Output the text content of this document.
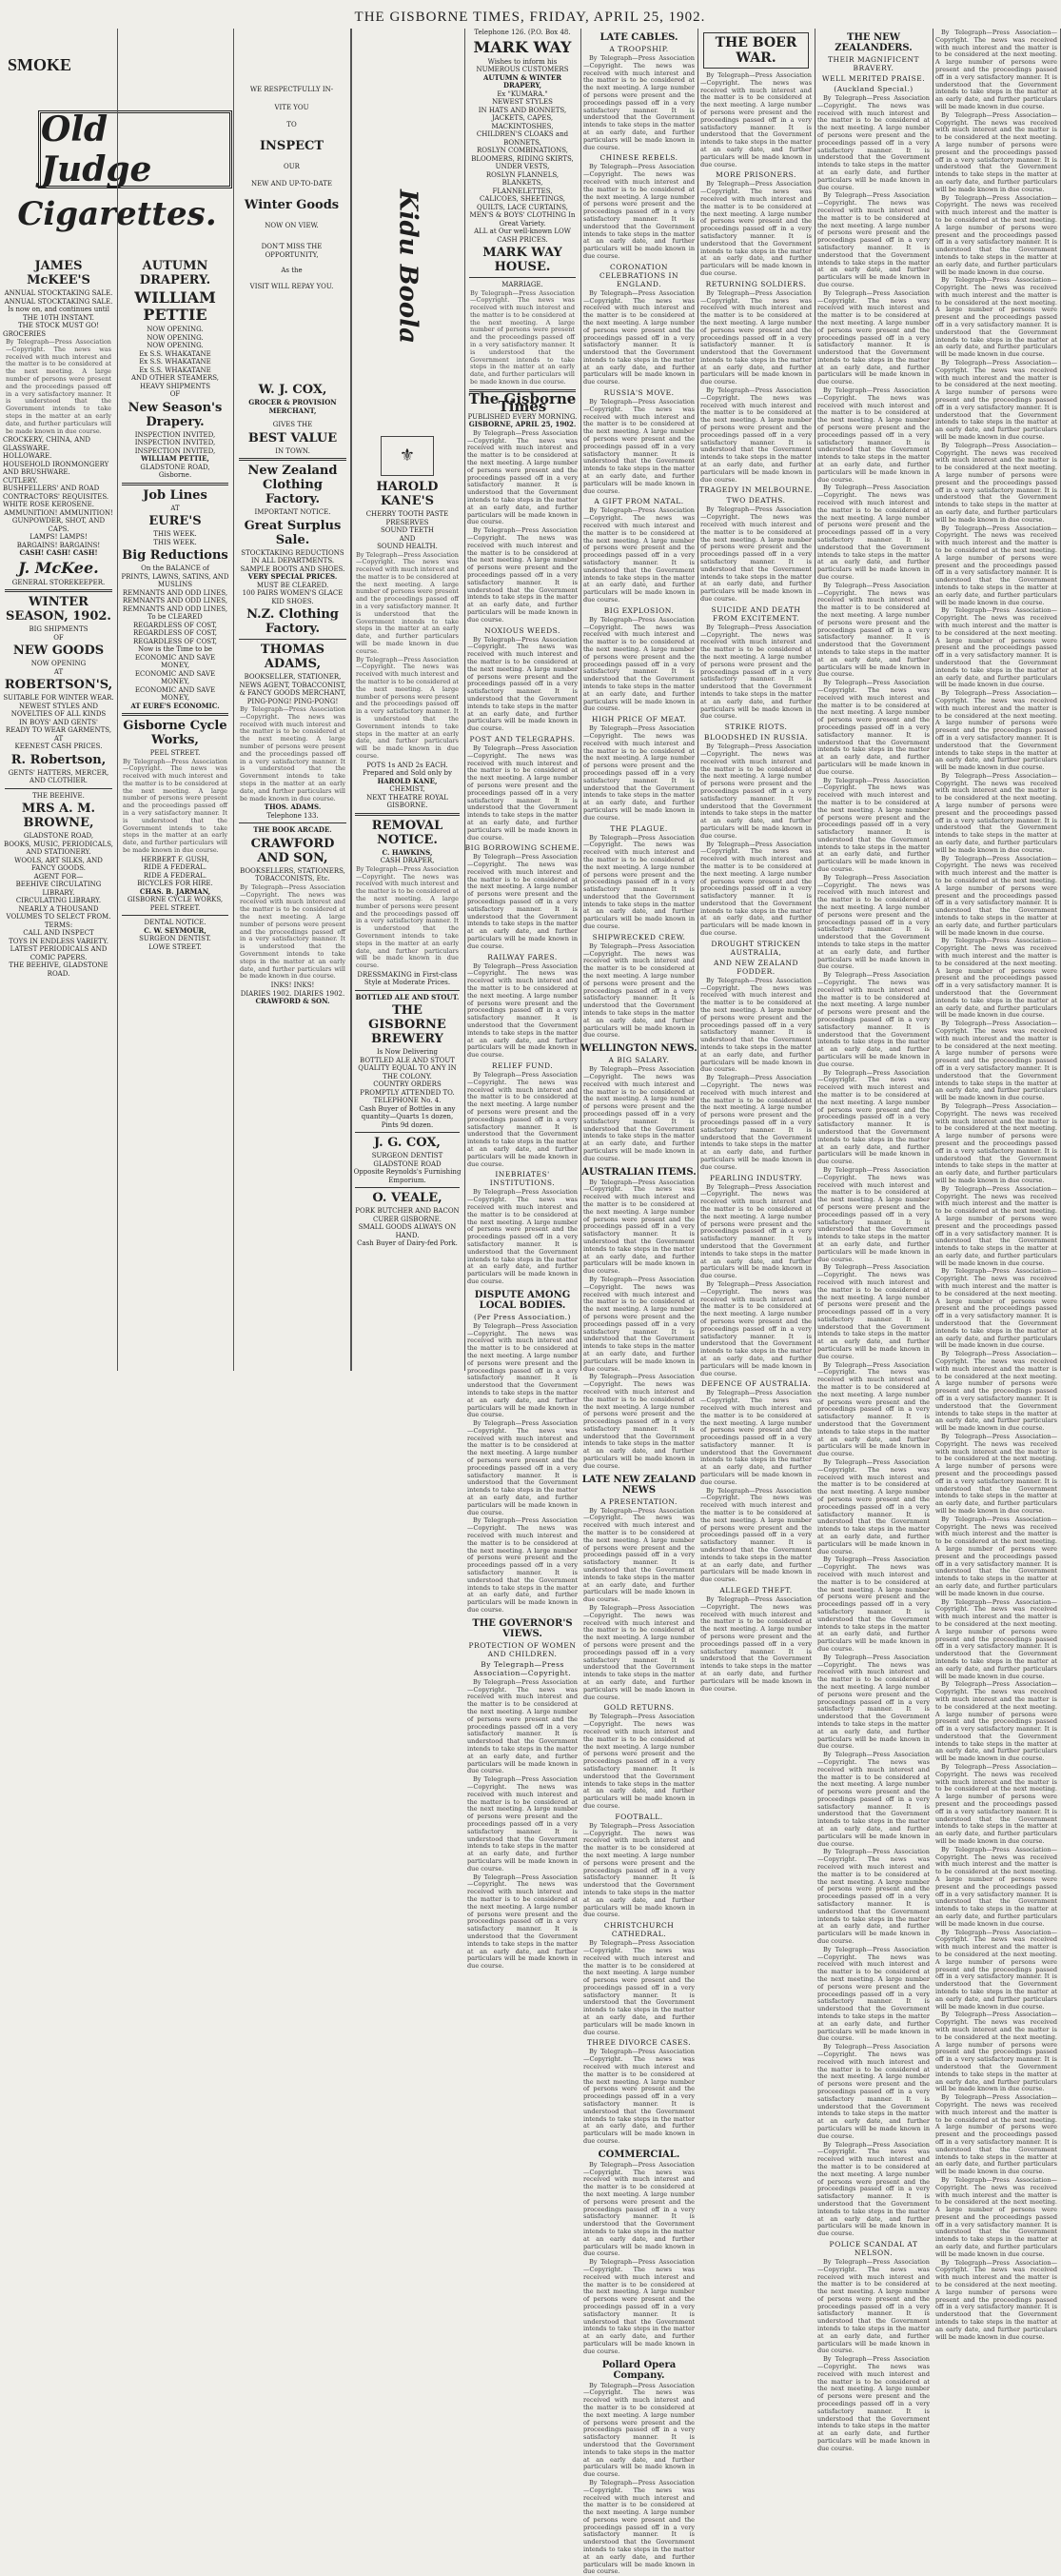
THE GISBORNE TIMES, FRIDAY, APRIL 25, 1902.
SMOKE
Old Judge
Cigarettes.
JAMES McKEE'S
ANNUAL STOCKTAKING SALE.
ANNUAL STOCKTAKING SALE.
Is now on, and continues until
THE 10TH INSTANT.
THE STOCK MUST GO!
GROCERIES
By Telegraph—Press Association—Copyright. The news was received with much interest and the matter is to be considered at the next meeting. A large number of persons were present and the proceedings passed off in a very satisfactory manner. It is understood that the Government intends to take steps in the matter at an early date, and further particulars will be made known in due course.
CROCKERY, CHINA, AND GLASSWARE.
HOLLOWARE.
HOUSEHOLD IRONMONGERY AND BRUSHWARE.
CUTLERY.
BUSHFELLERS' AND ROAD CONTRACTORS' REQUISITES.
WHITE ROSE KEROSENE.
AMMUNITION! AMMUNITION!
GUNPOWDER, SHOT, AND CAPS.
LAMPS! LAMPS!
BARGAINS! BARGAINS!
CASH! CASH! CASH!
J. McKee.
GENERAL STOREKEEPER.
WINTER SEASON, 1902.
BIG SHIPMENTS
OF
NEW GOODS
NOW OPENING
AT
ROBERTSON'S,
SUITABLE FOR WINTER WEAR.
NEWEST STYLES AND NOVELTIES OF ALL KINDS
IN BOYS' AND GENTS'
READY TO WEAR GARMENTS, AT
KEENEST CASH PRICES.
R. Robertson,
GENTS' HATTERS, MERCER, AND CLOTHIER.
THE BEEHIVE.
MRS A. M. BROWNE,
GLADSTONE ROAD,
BOOKS, MUSIC, PERIODICALS, AND STATIONERY.
WOOLS, ART SILKS, AND FANCY GOODS.
AGENT FOR—
BEEHIVE CIRCULATING LIBRARY.
CIRCULATING LIBRARY.
NEARLY A THOUSAND VOLUMES TO SELECT FROM.
TERMS:
CALL AND INSPECT
TOYS IN ENDLESS VARIETY.
LATEST PERIODICALS AND COMIC PAPERS.
THE BEEHIVE, GLADSTONE ROAD.
AUTUMN DRAPERY.
WILLIAM PETTIE
NOW OPENING.
NOW OPENING.
NOW OPENING.
Ex S.S. WHAKATANE
Ex S.S. WHAKATANE
Ex S.S. WHAKATANE
AND OTHER STEAMERS,
HEAVY SHIPMENTS
OF
New Season's Drapery.
INSPECTION INVITED,
INSPECTION INVITED,
INSPECTION INVITED,
WILLIAM PETTIE,
GLADSTONE ROAD,
Gisborne.
Job Lines
AT
EURE'S
THIS WEEK.
THIS WEEK.
Big Reductions
On the BALANCE of
PRINTS, LAWNS, SATINS, AND MUSLINS
REMNANTS AND ODD LINES,
REMNANTS AND ODD LINES,
REMNANTS AND ODD LINES,
To be CLEARED
REGARDLESS OF COST,
REGARDLESS OF COST,
REGARDLESS OF COST,
Now is the Time to be
ECONOMIC AND SAVE MONEY,
ECONOMIC AND SAVE MONEY,
ECONOMIC AND SAVE MONEY,
AT EURE'S ECONOMIC.
Gisborne Cycle Works,
PEEL STREET.
By Telegraph—Press Association—Copyright. The news was received with much interest and the matter is to be considered at the next meeting. A large number of persons were present and the proceedings passed off in a very satisfactory manner. It is understood that the Government intends to take steps in the matter at an early date, and further particulars will be made known in due course.
HERBERT F. GUSH,
RIDE A FEDERAL.
RIDE A FEDERAL.
BICYCLES FOR HIRE.
CHAS. B. JARMAN,
GISBORNE CYCLE WORKS, PEEL STREET.
DENTAL NOTICE.
C. W. SEYMOUR,
SURGEON DENTIST.
LOWE STREET.
WE RESPECTFULLY IN-
VITE YOU
TO
INSPECT
OUR
NEW AND UP-TO-DATE
Winter Goods
NOW ON VIEW.
DON'T MISS THE OPPORTUNITY,
As the
VISIT WILL REPAY YOU.
W. J. COX,
GROCER & PROVISION MERCHANT,
GIVES THE
BEST VALUE
IN TOWN.
New Zealand Clothing Factory.
IMPORTANT NOTICE.
Great Surplus Sale.
STOCKTAKING REDUCTIONS IN ALL DEPARTMENTS.
SAMPLE BOOTS AND SHOES.
VERY SPECIAL PRICES.
MUST BE CLEARED.
100 PAIRS WOMEN'S GLACE KID SHOES.
N.Z. Clothing Factory.
THOMAS ADAMS,
BOOKSELLER, STATIONER, NEWS AGENT, TOBACCONIST, & FANCY GOODS MERCHANT,
PING-PONG! PING-PONG!
By Telegraph—Press Association—Copyright. The news was received with much interest and the matter is to be considered at the next meeting. A large number of persons were present and the proceedings passed off in a very satisfactory manner. It is understood that the Government intends to take steps in the matter at an early date, and further particulars will be made known in due course.
THOS. ADAMS.
Telephone 133.
THE BOOK ARCADE.
CRAWFORD AND SON,
BOOKSELLERS, STATIONERS, TOBACCONISTS, Etc.
By Telegraph—Press Association—Copyright. The news was received with much interest and the matter is to be considered at the next meeting. A large number of persons were present and the proceedings passed off in a very satisfactory manner. It is understood that the Government intends to take steps in the matter at an early date, and further particulars will be made known in due course.
INKS! INKS!
DIARIES 1902. DIARIES 1902.
CRAWFORD & SON.
Kidu Boola
⚜
HAROLD KANE'S
CHERRY TOOTH PASTE
PRESERVES
SOUND TEETH
AND
SOUND HEALTH.
By Telegraph—Press Association—Copyright. The news was received with much interest and the matter is to be considered at the next meeting. A large number of persons were present and the proceedings passed off in a very satisfactory manner. It is understood that the Government intends to take steps in the matter at an early date, and further particulars will be made known in due course.
By Telegraph—Press Association—Copyright. The news was received with much interest and the matter is to be considered at the next meeting. A large number of persons were present and the proceedings passed off in a very satisfactory manner. It is understood that the Government intends to take steps in the matter at an early date, and further particulars will be made known in due course.
POTS 1s AND 2s EACH.
Prepared and Sold only by
HAROLD KANE,
CHEMIST,
NEXT THEATRE ROYAL GISBORNE.
REMOVAL NOTICE.
C. HAWKINS,
CASH DRAPER,
By Telegraph—Press Association—Copyright. The news was received with much interest and the matter is to be considered at the next meeting. A large number of persons were present and the proceedings passed off in a very satisfactory manner. It is understood that the Government intends to take steps in the matter at an early date, and further particulars will be made known in due course.
DRESSMAKING in First-class Style at Moderate Prices.
BOTTLED ALE AND STOUT.
THE GISBORNE BREWERY
Is Now Delivering
BOTTLED ALE AND STOUT
QUALITY EQUAL TO ANY IN THE COLONY.
COUNTRY ORDERS PROMPTLY ATTENDED TO.
TELEPHONE No. 4.
Cash Buyer of Bottles in any quantity—Quarts 1s dozen, Pints 9d dozen.
J. G. COX,
SURGEON DENTIST
GLADSTONE ROAD
Opposite Reynolds's Furnishing Emporium.
O. VEALE,
PORK BUTCHER AND BACON CURER GISBORNE.
SMALL GOODS ALWAYS ON HAND.
Cash Buyer of Dairy-fed Pork.
Telephone 126. (P.O. Box 48.
MARK WAY
Wishes to inform his NUMEROUS CUSTOMERS
AUTUMN & WINTER DRAPERY,
Ex "KUMARA."
NEWEST STYLES
IN HATS AND BONNETS,
JACKETS, CAPES,
MACKINTOSHES,
CHILDREN'S CLOAKS and BONNETS,
ROSLYN COMBINATIONS,
BLOOMERS, RIDING SKIRTS, UNDER VESTS,
ROSLYN FLANNELS, BLANKETS,
FLANNELETTES,
CALICOES, SHEETINGS, QUILTS, LACE CURTAINS,
MEN'S & BOYS' CLOTHING In Great Variety.
ALL at Our well-known LOW CASH PRICES.
MARK WAY HOUSE.
MARRIAGE.
By Telegraph—Press Association—Copyright. The news was received with much interest and the matter is to be considered at the next meeting. A large number of persons were present and the proceedings passed off in a very satisfactory manner. It is understood that the Government intends to take steps in the matter at an early date, and further particulars will be made known in due course.
The Gisborne Times
PUBLISHED EVERY MORNING.
GISBORNE, APRIL 25, 1902.

By Telegraph—Press Association—Copyright. The news was received with much interest and the matter is to be considered at the next meeting. A large number of persons were present and the proceedings passed off in a very satisfactory manner. It is understood that the Government intends to take steps in the matter at an early date, and further particulars will be made known in due course.

By Telegraph—Press Association—Copyright. The news was received with much interest and the matter is to be considered at the next meeting. A large number of persons were present and the proceedings passed off in a very satisfactory manner. It is understood that the Government intends to take steps in the matter at an early date, and further particulars will be made known in due course.

NOXIOUS WEEDS.

By Telegraph—Press Association—Copyright. The news was received with much interest and the matter is to be considered at the next meeting. A large number of persons were present and the proceedings passed off in a very satisfactory manner. It is understood that the Government intends to take steps in the matter at an early date, and further particulars will be made known in due course.

POST AND TELEGRAPHS.

By Telegraph—Press Association—Copyright. The news was received with much interest and the matter is to be considered at the next meeting. A large number of persons were present and the proceedings passed off in a very satisfactory manner. It is understood that the Government intends to take steps in the matter at an early date, and further particulars will be made known in due course.

BIG BORROWING SCHEME.

By Telegraph—Press Association—Copyright. The news was received with much interest and the matter is to be considered at the next meeting. A large number of persons were present and the proceedings passed off in a very satisfactory manner. It is understood that the Government intends to take steps in the matter at an early date, and further particulars will be made known in due course.

RAILWAY FARES.

By Telegraph—Press Association—Copyright. The news was received with much interest and the matter is to be considered at the next meeting. A large number of persons were present and the proceedings passed off in a very satisfactory manner. It is understood that the Government intends to take steps in the matter at an early date, and further particulars will be made known in due course.

RELIEF FUND.

By Telegraph—Press Association—Copyright. The news was received with much interest and the matter is to be considered at the next meeting. A large number of persons were present and the proceedings passed off in a very satisfactory manner. It is understood that the Government intends to take steps in the matter at an early date, and further particulars will be made known in due course.

INEBRIATES' INSTITUTIONS.

By Telegraph—Press Association—Copyright. The news was received with much interest and the matter is to be considered at the next meeting. A large number of persons were present and the proceedings passed off in a very satisfactory manner. It is understood that the Government intends to take steps in the matter at an early date, and further particulars will be made known in due course.

DISPUTE AMONG LOCAL BODIES.
(Per Press Association.)

By Telegraph—Press Association—Copyright. The news was received with much interest and the matter is to be considered at the next meeting. A large number of persons were present and the proceedings passed off in a very satisfactory manner. It is understood that the Government intends to take steps in the matter at an early date, and further particulars will be made known in due course.

By Telegraph—Press Association—Copyright. The news was received with much interest and the matter is to be considered at the next meeting. A large number of persons were present and the proceedings passed off in a very satisfactory manner. It is understood that the Government intends to take steps in the matter at an early date, and further particulars will be made known in due course.

By Telegraph—Press Association—Copyright. The news was received with much interest and the matter is to be considered at the next meeting. A large number of persons were present and the proceedings passed off in a very satisfactory manner. It is understood that the Government intends to take steps in the matter at an early date, and further particulars will be made known in due course.

THE GOVERNOR'S VIEWS.
PROTECTION OF WOMEN AND CHILDREN.
By Telegraph—Press Association—Copyright.

By Telegraph—Press Association—Copyright. The news was received with much interest and the matter is to be considered at the next meeting. A large number of persons were present and the proceedings passed off in a very satisfactory manner. It is understood that the Government intends to take steps in the matter at an early date, and further particulars will be made known in due course.

By Telegraph—Press Association—Copyright. The news was received with much interest and the matter is to be considered at the next meeting. A large number of persons were present and the proceedings passed off in a very satisfactory manner. It is understood that the Government intends to take steps in the matter at an early date, and further particulars will be made known in due course.

By Telegraph—Press Association—Copyright. The news was received with much interest and the matter is to be considered at the next meeting. A large number of persons were present and the proceedings passed off in a very satisfactory manner. It is understood that the Government intends to take steps in the matter at an early date, and further particulars will be made known in due course.

LATE CABLES.
A TROOPSHIP.

By Telegraph—Press Association—Copyright. The news was received with much interest and the matter is to be considered at the next meeting. A large number of persons were present and the proceedings passed off in a very satisfactory manner. It is understood that the Government intends to take steps in the matter at an early date, and further particulars will be made known in due course.

CHINESE REBELS.

By Telegraph—Press Association—Copyright. The news was received with much interest and the matter is to be considered at the next meeting. A large number of persons were present and the proceedings passed off in a very satisfactory manner. It is understood that the Government intends to take steps in the matter at an early date, and further particulars will be made known in due course.

CORONATION CELEBRATIONS IN ENGLAND.

By Telegraph—Press Association—Copyright. The news was received with much interest and the matter is to be considered at the next meeting. A large number of persons were present and the proceedings passed off in a very satisfactory manner. It is understood that the Government intends to take steps in the matter at an early date, and further particulars will be made known in due course.

RUSSIA'S MOVE.

By Telegraph—Press Association—Copyright. The news was received with much interest and the matter is to be considered at the next meeting. A large number of persons were present and the proceedings passed off in a very satisfactory manner. It is understood that the Government intends to take steps in the matter at an early date, and further particulars will be made known in due course.

A GIFT FROM NATAL.

By Telegraph—Press Association—Copyright. The news was received with much interest and the matter is to be considered at the next meeting. A large number of persons were present and the proceedings passed off in a very satisfactory manner. It is understood that the Government intends to take steps in the matter at an early date, and further particulars will be made known in due course.

BIG EXPLOSION.

By Telegraph—Press Association—Copyright. The news was received with much interest and the matter is to be considered at the next meeting. A large number of persons were present and the proceedings passed off in a very satisfactory manner. It is understood that the Government intends to take steps in the matter at an early date, and further particulars will be made known in due course.

HIGH PRICE OF MEAT.

By Telegraph—Press Association—Copyright. The news was received with much interest and the matter is to be considered at the next meeting. A large number of persons were present and the proceedings passed off in a very satisfactory manner. It is understood that the Government intends to take steps in the matter at an early date, and further particulars will be made known in due course.

THE PLAGUE.

By Telegraph—Press Association—Copyright. The news was received with much interest and the matter is to be considered at the next meeting. A large number of persons were present and the proceedings passed off in a very satisfactory manner. It is understood that the Government intends to take steps in the matter at an early date, and further particulars will be made known in due course.

SHIPWRECKED CREW.

By Telegraph—Press Association—Copyright. The news was received with much interest and the matter is to be considered at the next meeting. A large number of persons were present and the proceedings passed off in a very satisfactory manner. It is understood that the Government intends to take steps in the matter at an early date, and further particulars will be made known in due course.

WELLINGTON NEWS.
A BIG SALARY.

By Telegraph—Press Association—Copyright. The news was received with much interest and the matter is to be considered at the next meeting. A large number of persons were present and the proceedings passed off in a very satisfactory manner. It is understood that the Government intends to take steps in the matter at an early date, and further particulars will be made known in due course.

AUSTRALIAN ITEMS.

By Telegraph—Press Association—Copyright. The news was received with much interest and the matter is to be considered at the next meeting. A large number of persons were present and the proceedings passed off in a very satisfactory manner. It is understood that the Government intends to take steps in the matter at an early date, and further particulars will be made known in due course.

By Telegraph—Press Association—Copyright. The news was received with much interest and the matter is to be considered at the next meeting. A large number of persons were present and the proceedings passed off in a very satisfactory manner. It is understood that the Government intends to take steps in the matter at an early date, and further particulars will be made known in due course.

By Telegraph—Press Association—Copyright. The news was received with much interest and the matter is to be considered at the next meeting. A large number of persons were present and the proceedings passed off in a very satisfactory manner. It is understood that the Government intends to take steps in the matter at an early date, and further particulars will be made known in due course.

LATE NEW ZEALAND NEWS
A PRESENTATION.

By Telegraph—Press Association—Copyright. The news was received with much interest and the matter is to be considered at the next meeting. A large number of persons were present and the proceedings passed off in a very satisfactory manner. It is understood that the Government intends to take steps in the matter at an early date, and further particulars will be made known in due course.

By Telegraph—Press Association—Copyright. The news was received with much interest and the matter is to be considered at the next meeting. A large number of persons were present and the proceedings passed off in a very satisfactory manner. It is understood that the Government intends to take steps in the matter at an early date, and further particulars will be made known in due course.

GOLD RETURNS.

By Telegraph—Press Association—Copyright. The news was received with much interest and the matter is to be considered at the next meeting. A large number of persons were present and the proceedings passed off in a very satisfactory manner. It is understood that the Government intends to take steps in the matter at an early date, and further particulars will be made known in due course.

FOOTBALL.

By Telegraph—Press Association—Copyright. The news was received with much interest and the matter is to be considered at the next meeting. A large number of persons were present and the proceedings passed off in a very satisfactory manner. It is understood that the Government intends to take steps in the matter at an early date, and further particulars will be made known in due course.

CHRISTCHURCH CATHEDRAL.

By Telegraph—Press Association—Copyright. The news was received with much interest and the matter is to be considered at the next meeting. A large number of persons were present and the proceedings passed off in a very satisfactory manner. It is understood that the Government intends to take steps in the matter at an early date, and further particulars will be made known in due course.

THREE DIVORCE CASES.

By Telegraph—Press Association—Copyright. The news was received with much interest and the matter is to be considered at the next meeting. A large number of persons were present and the proceedings passed off in a very satisfactory manner. It is understood that the Government intends to take steps in the matter at an early date, and further particulars will be made known in due course.

COMMERCIAL.

By Telegraph—Press Association—Copyright. The news was received with much interest and the matter is to be considered at the next meeting. A large number of persons were present and the proceedings passed off in a very satisfactory manner. It is understood that the Government intends to take steps in the matter at an early date, and further particulars will be made known in due course.

By Telegraph—Press Association—Copyright. The news was received with much interest and the matter is to be considered at the next meeting. A large number of persons were present and the proceedings passed off in a very satisfactory manner. It is understood that the Government intends to take steps in the matter at an early date, and further particulars will be made known in due course.

Pollard Opera Company.

By Telegraph—Press Association—Copyright. The news was received with much interest and the matter is to be considered at the next meeting. A large number of persons were present and the proceedings passed off in a very satisfactory manner. It is understood that the Government intends to take steps in the matter at an early date, and further particulars will be made known in due course.

By Telegraph—Press Association—Copyright. The news was received with much interest and the matter is to be considered at the next meeting. A large number of persons were present and the proceedings passed off in a very satisfactory manner. It is understood that the Government intends to take steps in the matter at an early date, and further particulars will be made known in due course.

THE BOER WAR.

By Telegraph—Press Association—Copyright. The news was received with much interest and the matter is to be considered at the next meeting. A large number of persons were present and the proceedings passed off in a very satisfactory manner. It is understood that the Government intends to take steps in the matter at an early date, and further particulars will be made known in due course.

MORE PRISONERS.

By Telegraph—Press Association—Copyright. The news was received with much interest and the matter is to be considered at the next meeting. A large number of persons were present and the proceedings passed off in a very satisfactory manner. It is understood that the Government intends to take steps in the matter at an early date, and further particulars will be made known in due course.

RETURNING SOLDIERS.

By Telegraph—Press Association—Copyright. The news was received with much interest and the matter is to be considered at the next meeting. A large number of persons were present and the proceedings passed off in a very satisfactory manner. It is understood that the Government intends to take steps in the matter at an early date, and further particulars will be made known in due course.

By Telegraph—Press Association—Copyright. The news was received with much interest and the matter is to be considered at the next meeting. A large number of persons were present and the proceedings passed off in a very satisfactory manner. It is understood that the Government intends to take steps in the matter at an early date, and further particulars will be made known in due course.

TRAGEDY IN MELBOURNE.
TWO DEATHS.

By Telegraph—Press Association—Copyright. The news was received with much interest and the matter is to be considered at the next meeting. A large number of persons were present and the proceedings passed off in a very satisfactory manner. It is understood that the Government intends to take steps in the matter at an early date, and further particulars will be made known in due course.

SUICIDE AND DEATH FROM EXCITEMENT.

By Telegraph—Press Association—Copyright. The news was received with much interest and the matter is to be considered at the next meeting. A large number of persons were present and the proceedings passed off in a very satisfactory manner. It is understood that the Government intends to take steps in the matter at an early date, and further particulars will be made known in due course.

STRIKE RIOTS.
BLOODSHED IN RUSSIA.

By Telegraph—Press Association—Copyright. The news was received with much interest and the matter is to be considered at the next meeting. A large number of persons were present and the proceedings passed off in a very satisfactory manner. It is understood that the Government intends to take steps in the matter at an early date, and further particulars will be made known in due course.

By Telegraph—Press Association—Copyright. The news was received with much interest and the matter is to be considered at the next meeting. A large number of persons were present and the proceedings passed off in a very satisfactory manner. It is understood that the Government intends to take steps in the matter at an early date, and further particulars will be made known in due course.

DROUGHT STRICKEN AUSTRALIA,
AND NEW ZEALAND FODDER.

By Telegraph—Press Association—Copyright. The news was received with much interest and the matter is to be considered at the next meeting. A large number of persons were present and the proceedings passed off in a very satisfactory manner. It is understood that the Government intends to take steps in the matter at an early date, and further particulars will be made known in due course.

By Telegraph—Press Association—Copyright. The news was received with much interest and the matter is to be considered at the next meeting. A large number of persons were present and the proceedings passed off in a very satisfactory manner. It is understood that the Government intends to take steps in the matter at an early date, and further particulars will be made known in due course.

PEARLING INDUSTRY.

By Telegraph—Press Association—Copyright. The news was received with much interest and the matter is to be considered at the next meeting. A large number of persons were present and the proceedings passed off in a very satisfactory manner. It is understood that the Government intends to take steps in the matter at an early date, and further particulars will be made known in due course.

By Telegraph—Press Association—Copyright. The news was received with much interest and the matter is to be considered at the next meeting. A large number of persons were present and the proceedings passed off in a very satisfactory manner. It is understood that the Government intends to take steps in the matter at an early date, and further particulars will be made known in due course.

DEFENCE OF AUSTRALIA.

By Telegraph—Press Association—Copyright. The news was received with much interest and the matter is to be considered at the next meeting. A large number of persons were present and the proceedings passed off in a very satisfactory manner. It is understood that the Government intends to take steps in the matter at an early date, and further particulars will be made known in due course.

By Telegraph—Press Association—Copyright. The news was received with much interest and the matter is to be considered at the next meeting. A large number of persons were present and the proceedings passed off in a very satisfactory manner. It is understood that the Government intends to take steps in the matter at an early date, and further particulars will be made known in due course.

ALLEGED THEFT.

By Telegraph—Press Association—Copyright. The news was received with much interest and the matter is to be considered at the next meeting. A large number of persons were present and the proceedings passed off in a very satisfactory manner. It is understood that the Government intends to take steps in the matter at an early date, and further particulars will be made known in due course.

THE NEW ZEALANDERS.
THEIR MAGNIFICENT BRAVERY.
WELL MERITED PRAISE.
(Auckland Special.)

By Telegraph—Press Association—Copyright. The news was received with much interest and the matter is to be considered at the next meeting. A large number of persons were present and the proceedings passed off in a very satisfactory manner. It is understood that the Government intends to take steps in the matter at an early date, and further particulars will be made known in due course.

By Telegraph—Press Association—Copyright. The news was received with much interest and the matter is to be considered at the next meeting. A large number of persons were present and the proceedings passed off in a very satisfactory manner. It is understood that the Government intends to take steps in the matter at an early date, and further particulars will be made known in due course.

By Telegraph—Press Association—Copyright. The news was received with much interest and the matter is to be considered at the next meeting. A large number of persons were present and the proceedings passed off in a very satisfactory manner. It is understood that the Government intends to take steps in the matter at an early date, and further particulars will be made known in due course.

By Telegraph—Press Association—Copyright. The news was received with much interest and the matter is to be considered at the next meeting. A large number of persons were present and the proceedings passed off in a very satisfactory manner. It is understood that the Government intends to take steps in the matter at an early date, and further particulars will be made known in due course.

By Telegraph—Press Association—Copyright. The news was received with much interest and the matter is to be considered at the next meeting. A large number of persons were present and the proceedings passed off in a very satisfactory manner. It is understood that the Government intends to take steps in the matter at an early date, and further particulars will be made known in due course.

By Telegraph—Press Association—Copyright. The news was received with much interest and the matter is to be considered at the next meeting. A large number of persons were present and the proceedings passed off in a very satisfactory manner. It is understood that the Government intends to take steps in the matter at an early date, and further particulars will be made known in due course.

By Telegraph—Press Association—Copyright. The news was received with much interest and the matter is to be considered at the next meeting. A large number of persons were present and the proceedings passed off in a very satisfactory manner. It is understood that the Government intends to take steps in the matter at an early date, and further particulars will be made known in due course.

By Telegraph—Press Association—Copyright. The news was received with much interest and the matter is to be considered at the next meeting. A large number of persons were present and the proceedings passed off in a very satisfactory manner. It is understood that the Government intends to take steps in the matter at an early date, and further particulars will be made known in due course.

By Telegraph—Press Association—Copyright. The news was received with much interest and the matter is to be considered at the next meeting. A large number of persons were present and the proceedings passed off in a very satisfactory manner. It is understood that the Government intends to take steps in the matter at an early date, and further particulars will be made known in due course.

By Telegraph—Press Association—Copyright. The news was received with much interest and the matter is to be considered at the next meeting. A large number of persons were present and the proceedings passed off in a very satisfactory manner. It is understood that the Government intends to take steps in the matter at an early date, and further particulars will be made known in due course.

By Telegraph—Press Association—Copyright. The news was received with much interest and the matter is to be considered at the next meeting. A large number of persons were present and the proceedings passed off in a very satisfactory manner. It is understood that the Government intends to take steps in the matter at an early date, and further particulars will be made known in due course.

By Telegraph—Press Association—Copyright. The news was received with much interest and the matter is to be considered at the next meeting. A large number of persons were present and the proceedings passed off in a very satisfactory manner. It is understood that the Government intends to take steps in the matter at an early date, and further particulars will be made known in due course.

By Telegraph—Press Association—Copyright. The news was received with much interest and the matter is to be considered at the next meeting. A large number of persons were present and the proceedings passed off in a very satisfactory manner. It is understood that the Government intends to take steps in the matter at an early date, and further particulars will be made known in due course.

By Telegraph—Press Association—Copyright. The news was received with much interest and the matter is to be considered at the next meeting. A large number of persons were present and the proceedings passed off in a very satisfactory manner. It is understood that the Government intends to take steps in the matter at an early date, and further particulars will be made known in due course.

By Telegraph—Press Association—Copyright. The news was received with much interest and the matter is to be considered at the next meeting. A large number of persons were present and the proceedings passed off in a very satisfactory manner. It is understood that the Government intends to take steps in the matter at an early date, and further particulars will be made known in due course.

By Telegraph—Press Association—Copyright. The news was received with much interest and the matter is to be considered at the next meeting. A large number of persons were present and the proceedings passed off in a very satisfactory manner. It is understood that the Government intends to take steps in the matter at an early date, and further particulars will be made known in due course.

By Telegraph—Press Association—Copyright. The news was received with much interest and the matter is to be considered at the next meeting. A large number of persons were present and the proceedings passed off in a very satisfactory manner. It is understood that the Government intends to take steps in the matter at an early date, and further particulars will be made known in due course.

By Telegraph—Press Association—Copyright. The news was received with much interest and the matter is to be considered at the next meeting. A large number of persons were present and the proceedings passed off in a very satisfactory manner. It is understood that the Government intends to take steps in the matter at an early date, and further particulars will be made known in due course.

By Telegraph—Press Association—Copyright. The news was received with much interest and the matter is to be considered at the next meeting. A large number of persons were present and the proceedings passed off in a very satisfactory manner. It is understood that the Government intends to take steps in the matter at an early date, and further particulars will be made known in due course.

By Telegraph—Press Association—Copyright. The news was received with much interest and the matter is to be considered at the next meeting. A large number of persons were present and the proceedings passed off in a very satisfactory manner. It is understood that the Government intends to take steps in the matter at an early date, and further particulars will be made known in due course.

By Telegraph—Press Association—Copyright. The news was received with much interest and the matter is to be considered at the next meeting. A large number of persons were present and the proceedings passed off in a very satisfactory manner. It is understood that the Government intends to take steps in the matter at an early date, and further particulars will be made known in due course.

By Telegraph—Press Association—Copyright. The news was received with much interest and the matter is to be considered at the next meeting. A large number of persons were present and the proceedings passed off in a very satisfactory manner. It is understood that the Government intends to take steps in the matter at an early date, and further particulars will be made known in due course.

POLICE SCANDAL AT NELSON.

By Telegraph—Press Association—Copyright. The news was received with much interest and the matter is to be considered at the next meeting. A large number of persons were present and the proceedings passed off in a very satisfactory manner. It is understood that the Government intends to take steps in the matter at an early date, and further particulars will be made known in due course.

By Telegraph—Press Association—Copyright. The news was received with much interest and the matter is to be considered at the next meeting. A large number of persons were present and the proceedings passed off in a very satisfactory manner. It is understood that the Government intends to take steps in the matter at an early date, and further particulars will be made known in due course.

By Telegraph—Press Association—Copyright. The news was received with much interest and the matter is to be considered at the next meeting. A large number of persons were present and the proceedings passed off in a very satisfactory manner. It is understood that the Government intends to take steps in the matter at an early date, and further particulars will be made known in due course.

By Telegraph—Press Association—Copyright. The news was received with much interest and the matter is to be considered at the next meeting. A large number of persons were present and the proceedings passed off in a very satisfactory manner. It is understood that the Government intends to take steps in the matter at an early date, and further particulars will be made known in due course.

By Telegraph—Press Association—Copyright. The news was received with much interest and the matter is to be considered at the next meeting. A large number of persons were present and the proceedings passed off in a very satisfactory manner. It is understood that the Government intends to take steps in the matter at an early date, and further particulars will be made known in due course.

By Telegraph—Press Association—Copyright. The news was received with much interest and the matter is to be considered at the next meeting. A large number of persons were present and the proceedings passed off in a very satisfactory manner. It is understood that the Government intends to take steps in the matter at an early date, and further particulars will be made known in due course.

By Telegraph—Press Association—Copyright. The news was received with much interest and the matter is to be considered at the next meeting. A large number of persons were present and the proceedings passed off in a very satisfactory manner. It is understood that the Government intends to take steps in the matter at an early date, and further particulars will be made known in due course.

By Telegraph—Press Association—Copyright. The news was received with much interest and the matter is to be considered at the next meeting. A large number of persons were present and the proceedings passed off in a very satisfactory manner. It is understood that the Government intends to take steps in the matter at an early date, and further particulars will be made known in due course.

By Telegraph—Press Association—Copyright. The news was received with much interest and the matter is to be considered at the next meeting. A large number of persons were present and the proceedings passed off in a very satisfactory manner. It is understood that the Government intends to take steps in the matter at an early date, and further particulars will be made known in due course.

By Telegraph—Press Association—Copyright. The news was received with much interest and the matter is to be considered at the next meeting. A large number of persons were present and the proceedings passed off in a very satisfactory manner. It is understood that the Government intends to take steps in the matter at an early date, and further particulars will be made known in due course.

By Telegraph—Press Association—Copyright. The news was received with much interest and the matter is to be considered at the next meeting. A large number of persons were present and the proceedings passed off in a very satisfactory manner. It is understood that the Government intends to take steps in the matter at an early date, and further particulars will be made known in due course.

By Telegraph—Press Association—Copyright. The news was received with much interest and the matter is to be considered at the next meeting. A large number of persons were present and the proceedings passed off in a very satisfactory manner. It is understood that the Government intends to take steps in the matter at an early date, and further particulars will be made known in due course.

By Telegraph—Press Association—Copyright. The news was received with much interest and the matter is to be considered at the next meeting. A large number of persons were present and the proceedings passed off in a very satisfactory manner. It is understood that the Government intends to take steps in the matter at an early date, and further particulars will be made known in due course.

By Telegraph—Press Association—Copyright. The news was received with much interest and the matter is to be considered at the next meeting. A large number of persons were present and the proceedings passed off in a very satisfactory manner. It is understood that the Government intends to take steps in the matter at an early date, and further particulars will be made known in due course.

By Telegraph—Press Association—Copyright. The news was received with much interest and the matter is to be considered at the next meeting. A large number of persons were present and the proceedings passed off in a very satisfactory manner. It is understood that the Government intends to take steps in the matter at an early date, and further particulars will be made known in due course.

By Telegraph—Press Association—Copyright. The news was received with much interest and the matter is to be considered at the next meeting. A large number of persons were present and the proceedings passed off in a very satisfactory manner. It is understood that the Government intends to take steps in the matter at an early date, and further particulars will be made known in due course.

By Telegraph—Press Association—Copyright. The news was received with much interest and the matter is to be considered at the next meeting. A large number of persons were present and the proceedings passed off in a very satisfactory manner. It is understood that the Government intends to take steps in the matter at an early date, and further particulars will be made known in due course.

By Telegraph—Press Association—Copyright. The news was received with much interest and the matter is to be considered at the next meeting. A large number of persons were present and the proceedings passed off in a very satisfactory manner. It is understood that the Government intends to take steps in the matter at an early date, and further particulars will be made known in due course.

By Telegraph—Press Association—Copyright. The news was received with much interest and the matter is to be considered at the next meeting. A large number of persons were present and the proceedings passed off in a very satisfactory manner. It is understood that the Government intends to take steps in the matter at an early date, and further particulars will be made known in due course.

By Telegraph—Press Association—Copyright. The news was received with much interest and the matter is to be considered at the next meeting. A large number of persons were present and the proceedings passed off in a very satisfactory manner. It is understood that the Government intends to take steps in the matter at an early date, and further particulars will be made known in due course.

By Telegraph—Press Association—Copyright. The news was received with much interest and the matter is to be considered at the next meeting. A large number of persons were present and the proceedings passed off in a very satisfactory manner. It is understood that the Government intends to take steps in the matter at an early date, and further particulars will be made known in due course.

By Telegraph—Press Association—Copyright. The news was received with much interest and the matter is to be considered at the next meeting. A large number of persons were present and the proceedings passed off in a very satisfactory manner. It is understood that the Government intends to take steps in the matter at an early date, and further particulars will be made known in due course.

By Telegraph—Press Association—Copyright. The news was received with much interest and the matter is to be considered at the next meeting. A large number of persons were present and the proceedings passed off in a very satisfactory manner. It is understood that the Government intends to take steps in the matter at an early date, and further particulars will be made known in due course.

By Telegraph—Press Association—Copyright. The news was received with much interest and the matter is to be considered at the next meeting. A large number of persons were present and the proceedings passed off in a very satisfactory manner. It is understood that the Government intends to take steps in the matter at an early date, and further particulars will be made known in due course.

By Telegraph—Press Association—Copyright. The news was received with much interest and the matter is to be considered at the next meeting. A large number of persons were present and the proceedings passed off in a very satisfactory manner. It is understood that the Government intends to take steps in the matter at an early date, and further particulars will be made known in due course.

By Telegraph—Press Association—Copyright. The news was received with much interest and the matter is to be considered at the next meeting. A large number of persons were present and the proceedings passed off in a very satisfactory manner. It is understood that the Government intends to take steps in the matter at an early date, and further particulars will be made known in due course.

By Telegraph—Press Association—Copyright. The news was received with much interest and the matter is to be considered at the next meeting. A large number of persons were present and the proceedings passed off in a very satisfactory manner. It is understood that the Government intends to take steps in the matter at an early date, and further particulars will be made known in due course.

By Telegraph—Press Association—Copyright. The news was received with much interest and the matter is to be considered at the next meeting. A large number of persons were present and the proceedings passed off in a very satisfactory manner. It is understood that the Government intends to take steps in the matter at an early date, and further particulars will be made known in due course.

By Telegraph—Press Association—Copyright. The news was received with much interest and the matter is to be considered at the next meeting. A large number of persons were present and the proceedings passed off in a very satisfactory manner. It is understood that the Government intends to take steps in the matter at an early date, and further particulars will be made known in due course.

By Telegraph—Press Association—Copyright. The news was received with much interest and the matter is to be considered at the next meeting. A large number of persons were present and the proceedings passed off in a very satisfactory manner. It is understood that the Government intends to take steps in the matter at an early date, and further particulars will be made known in due course.
